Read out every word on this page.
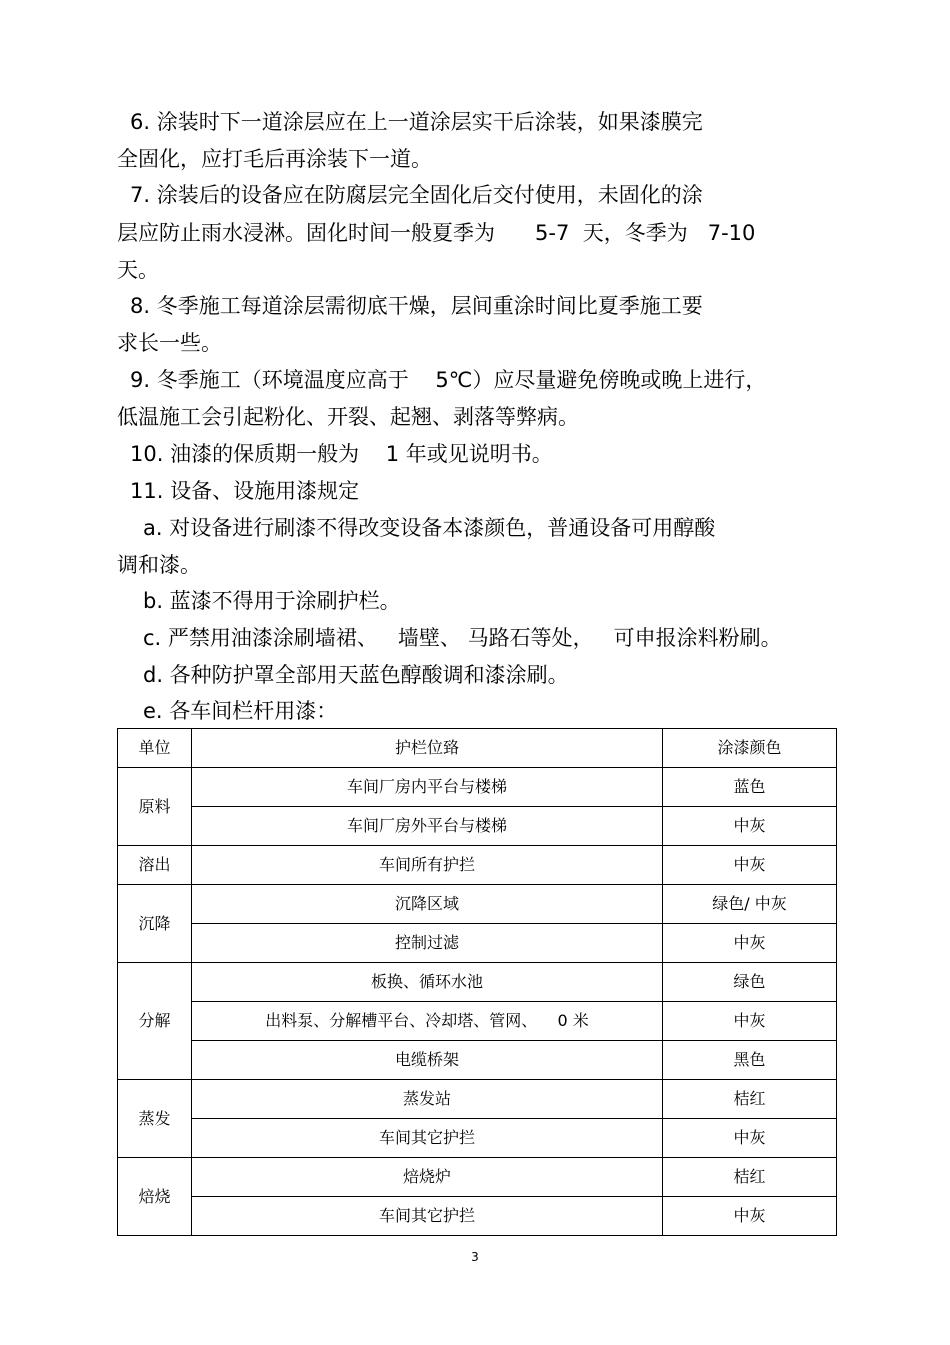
6. 涂装时下一道涂层应在上一道涂层实干后涂装，如果漆膜完
全固化，应打毛后再涂装下一道。
7. 涂装后的设备应在防腐层完全固化后交付使用，未固化的涂
层应防止雨水浸淋。固化时间一般夏季为      5-7  天，冬季为   7-10
天。
8. 冬季施工每道涂层需彻底干燥，层间重涂时间比夏季施工要
求长一些。
9. 冬季施工（环境温度应高于    5℃）应尽量避免傍晚或晚上进行，
低温施工会引起粉化、开裂、起翘、剥落等弊病。
10. 油漆的保质期一般为    1 年或见说明书。
11. 设备、设施用漆规定
a. 对设备进行刷漆不得改变设备本漆颜色，普通设备可用醇酸
调和漆。
b. 蓝漆不得用于涂刷护栏。
c. 严禁用油漆涂刷墙裙、   墙壁、 马路石等处，   可申报涂料粉刷。
d. 各种防护罩全部用天蓝色醇酸调和漆涂刷。
e. 各车间栏杆用漆：
单位	护栏位臵	涂漆颜色
原料	车间厂房内平台与楼梯	蓝色
	车间厂房外平台与楼梯	中灰
溶出	车间所有护拦	中灰
沉降	沉降区域	绿色/ 中灰
	控制过滤	中灰
分解	板换、循环水池	绿色
	出料泵、分解槽平台、冷却塔、管网、    0 米	中灰
	电缆桥架	黑色
蒸发	蒸发站	桔红
	车间其它护拦	中灰
焙烧	焙烧炉	桔红
	车间其它护拦	中灰
3
